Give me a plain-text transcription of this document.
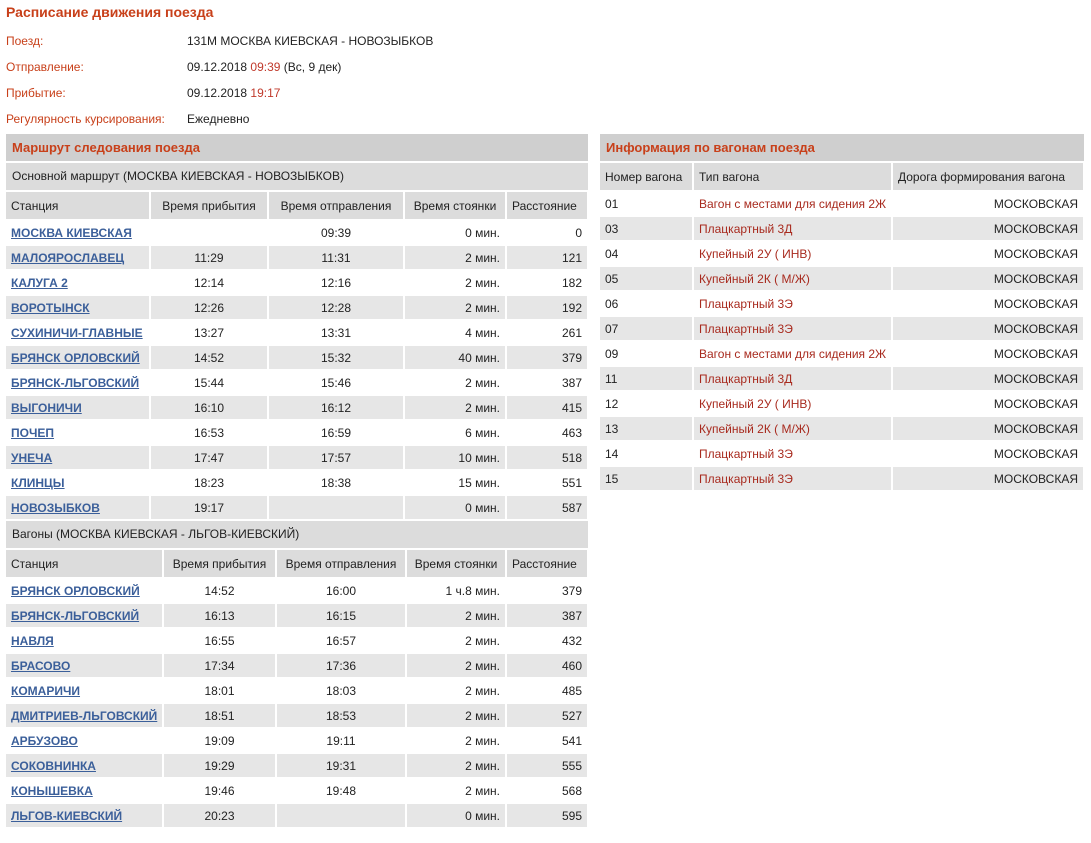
Расписание движения поезда
Поезд:	131М МОСКВА КИЕВСКАЯ - НОВОЗЫБКОВ
Отправление:	09.12.2018 09:39 (Вс, 9 дек)
Прибытие:	09.12.2018 19:17
Регулярность курсирования:	Ежедневно
Маршрут следования поезда
Основной маршрут (МОСКВА КИЕВСКАЯ - НОВОЗЫБКОВ)
Станция	Время прибытия	Время отправления	Время стоянки	Расстояние
МОСКВА КИЕВСКАЯ		09:39	0 мин.	0
МАЛОЯРОСЛАВЕЦ	11:29	11:31	2 мин.	121
КАЛУГА 2	12:14	12:16	2 мин.	182
ВОРОТЫНСК	12:26	12:28	2 мин.	192
СУХИНИЧИ-ГЛАВНЫЕ	13:27	13:31	4 мин.	261
БРЯНСК ОРЛОВСКИЙ	14:52	15:32	40 мин.	379
БРЯНСК-ЛЬГОВСКИЙ	15:44	15:46	2 мин.	387
ВЫГОНИЧИ	16:10	16:12	2 мин.	415
ПОЧЕП	16:53	16:59	6 мин.	463
УНЕЧА	17:47	17:57	10 мин.	518
КЛИНЦЫ	18:23	18:38	15 мин.	551
НОВОЗЫБКОВ	19:17		0 мин.	587
Вагоны (МОСКВА КИЕВСКАЯ - ЛЬГОВ-КИЕВСКИЙ)
Станция	Время прибытия	Время отправления	Время стоянки	Расстояние
БРЯНСК ОРЛОВСКИЙ	14:52	16:00	1 ч.8 мин.	379
БРЯНСК-ЛЬГОВСКИЙ	16:13	16:15	2 мин.	387
НАВЛЯ	16:55	16:57	2 мин.	432
БРАСОВО	17:34	17:36	2 мин.	460
КОМАРИЧИ	18:01	18:03	2 мин.	485
ДМИТРИЕВ-ЛЬГОВСКИЙ	18:51	18:53	2 мин.	527
АРБУЗОВО	19:09	19:11	2 мин.	541
СОКОВНИНКА	19:29	19:31	2 мин.	555
КОНЫШЕВКА	19:46	19:48	2 мин.	568
ЛЬГОВ-КИЕВСКИЙ	20:23		0 мин.	595
Информация по вагонам поезда
Номер вагона	Тип вагона	Дорога формирования вагона
01	Вагон с местами для сидения 2Ж	МОСКОВСКАЯ
03	Плацкартный 3Д	МОСКОВСКАЯ
04	Купейный 2У ( ИНВ)	МОСКОВСКАЯ
05	Купейный 2К ( М/Ж)	МОСКОВСКАЯ
06	Плацкартный 3Э	МОСКОВСКАЯ
07	Плацкартный 3Э	МОСКОВСКАЯ
09	Вагон с местами для сидения 2Ж	МОСКОВСКАЯ
11	Плацкартный 3Д	МОСКОВСКАЯ
12	Купейный 2У ( ИНВ)	МОСКОВСКАЯ
13	Купейный 2К ( М/Ж)	МОСКОВСКАЯ
14	Плацкартный 3Э	МОСКОВСКАЯ
15	Плацкартный 3Э	МОСКОВСКАЯ
